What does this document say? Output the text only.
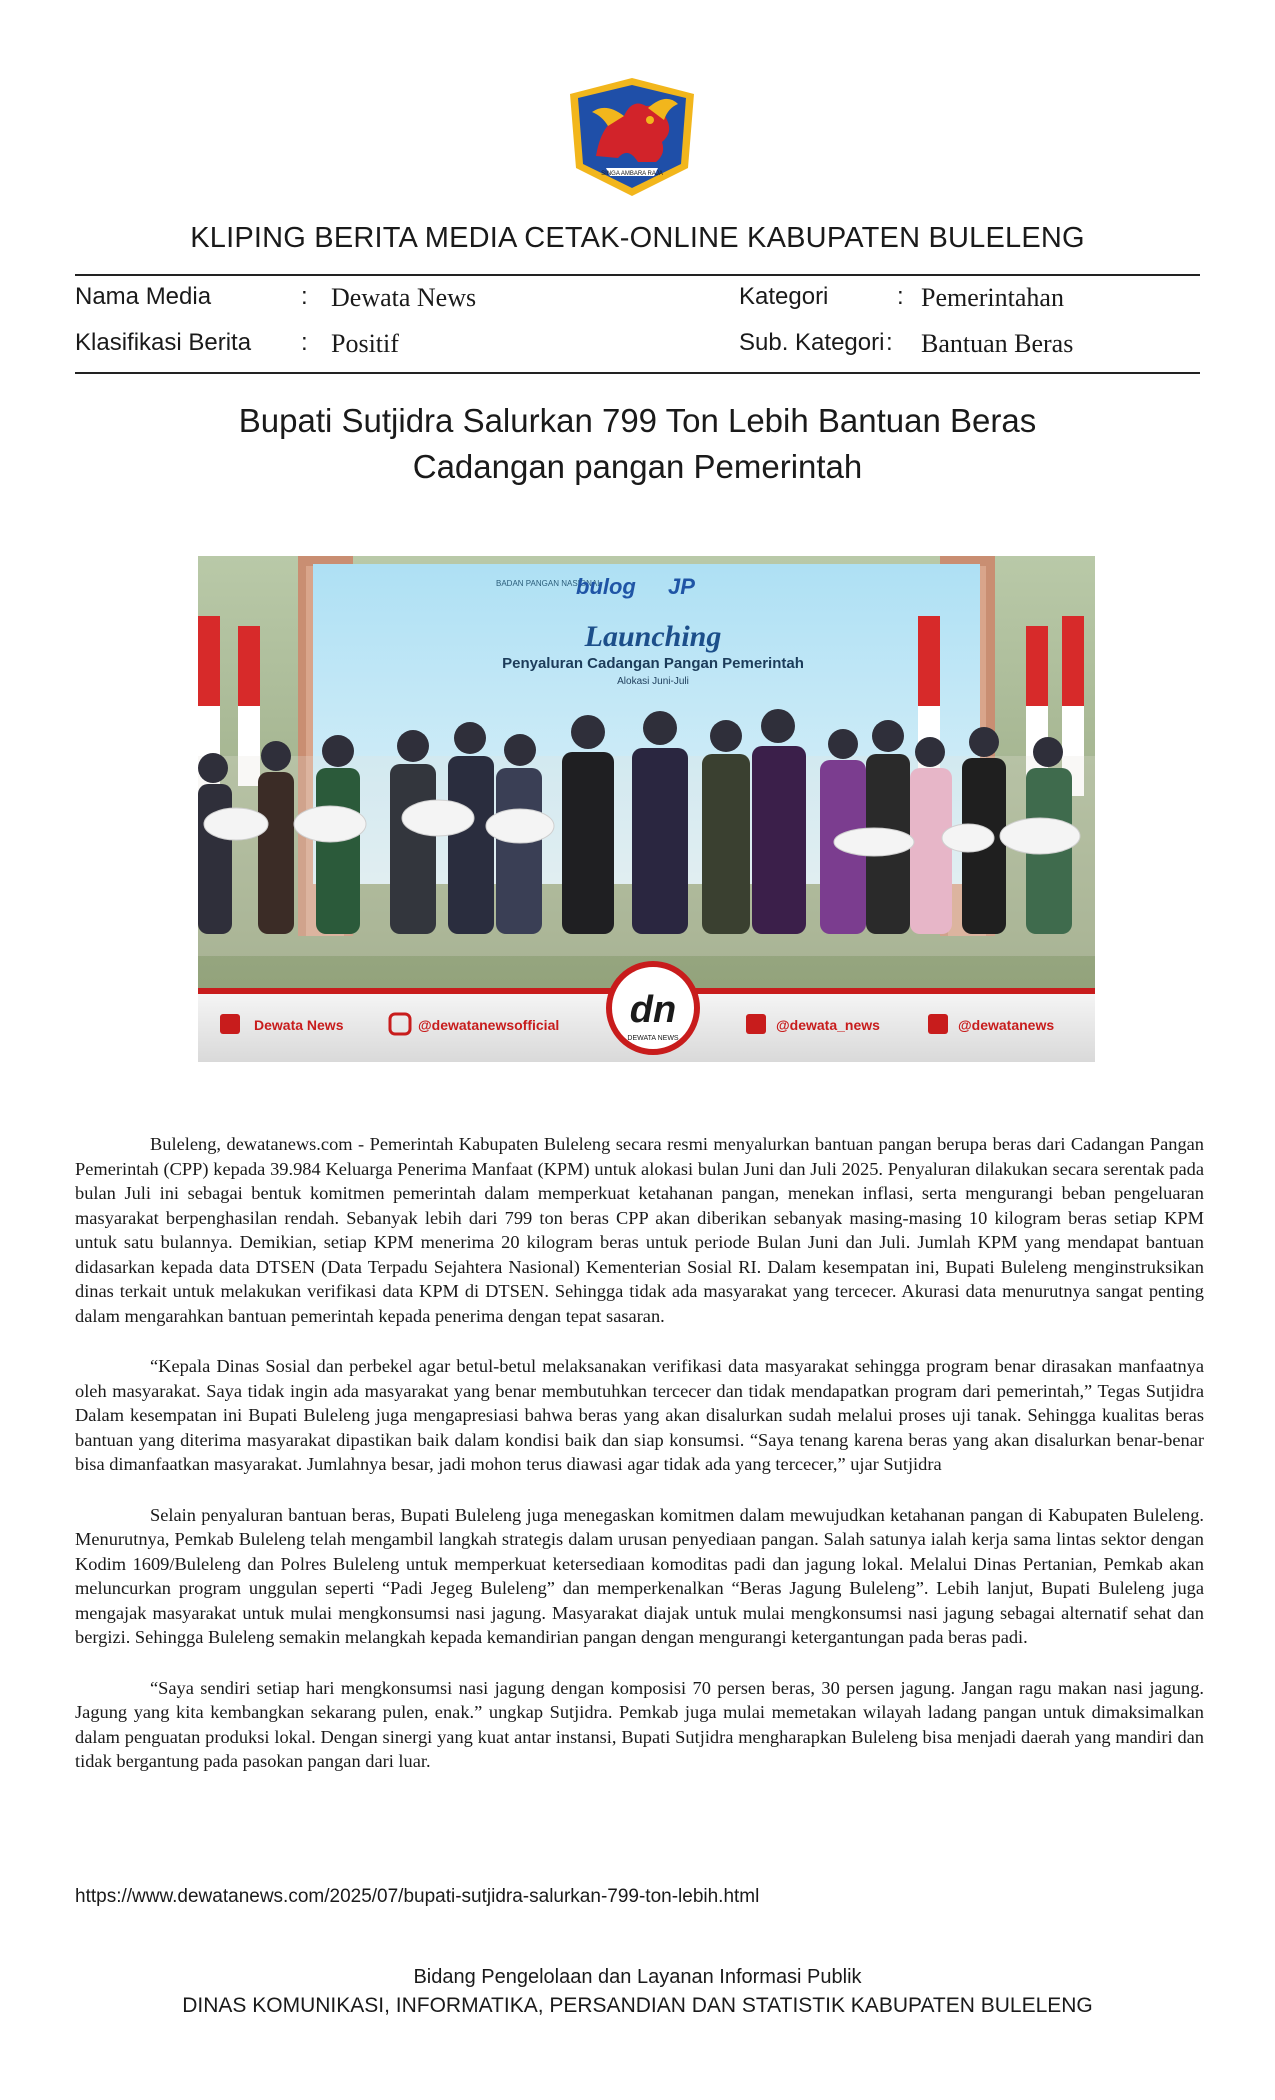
SINGA AMBARA RAJA
KLIPING BERITA MEDIA CETAK-ONLINE KABUPATEN BULELENG
Nama Media	: Dewata News	Kategori	: Pemerintahan
Klasifikasi Berita : Positif	Sub. Kategori : Bantuan Beras
Bupati Sutjidra Salurkan 799 Ton Lebih Bantuan Beras
Cadangan pangan Pemerintah
BADAN PANGAN NASIONAL
bulog JP
Launching
Penyaluran Cadangan Pangan Pemerintah
Alokasi Juni-Juli
Dewata News	@dewatanewsofficial dn
DEWATA NEWS
@dewata_news	@dewatanews

Buleleng, dewatanews.com - Pemerintah Kabupaten Buleleng secara resmi menyalurkan bantuan pangan berupa beras dari Cadangan Pangan Pemerintah (CPP) kepada 39.984 Keluarga Penerima Manfaat (KPM) untuk alokasi bulan Juni dan Juli 2025. Penyaluran dilakukan secara serentak pada bulan Juli ini sebagai bentuk komitmen pemerintah dalam memperkuat ketahanan pangan, menekan inflasi, serta mengurangi beban pengeluaran masyarakat berpenghasilan rendah. Sebanyak lebih dari 799 ton beras CPP akan diberikan sebanyak masing-masing 10 kilogram beras setiap KPM untuk satu bulannya. Demikian, setiap KPM menerima 20 kilogram beras untuk periode Bulan Juni dan Juli. Jumlah KPM yang mendapat bantuan didasarkan kepada data DTSEN (Data Terpadu Sejahtera Nasional) Kementerian Sosial RI. Dalam kesempatan ini, Bupati Buleleng menginstruksikan dinas terkait untuk melakukan verifikasi data KPM di DTSEN. Sehingga tidak ada masyarakat yang tercecer. Akurasi data menurutnya sangat penting dalam mengarahkan bantuan pemerintah kepada penerima dengan tepat sasaran.

“Kepala Dinas Sosial dan perbekel agar betul-betul melaksanakan verifikasi data masyarakat sehingga program benar dirasakan manfaatnya oleh masyarakat. Saya tidak ingin ada masyarakat yang benar membutuhkan tercecer dan tidak mendapatkan program dari pemerintah,” Tegas Sutjidra Dalam kesempatan ini Bupati Buleleng juga mengapresiasi bahwa beras yang akan disalurkan sudah melalui proses uji tanak. Sehingga kualitas beras bantuan yang diterima masyarakat dipastikan baik dalam kondisi baik dan siap konsumsi. “Saya tenang karena beras yang akan disalurkan benar-benar bisa dimanfaatkan masyarakat. Jumlahnya besar, jadi mohon terus diawasi agar tidak ada yang tercecer,” ujar Sutjidra

Selain penyaluran bantuan beras, Bupati Buleleng juga menegaskan komitmen dalam mewujudkan ketahanan pangan di Kabupaten Buleleng. Menurutnya, Pemkab Buleleng telah mengambil langkah strategis dalam urusan penyediaan pangan. Salah satunya ialah kerja sama lintas sektor dengan Kodim 1609/Buleleng dan Polres Buleleng untuk memperkuat ketersediaan komoditas padi dan jagung lokal. Melalui Dinas Pertanian, Pemkab akan meluncurkan program unggulan seperti “Padi Jegeg Buleleng” dan memperkenalkan “Beras Jagung Buleleng”. Lebih lanjut, Bupati Buleleng juga mengajak masyarakat untuk mulai mengkonsumsi nasi jagung. Masyarakat diajak untuk mulai mengkonsumsi nasi jagung sebagai alternatif sehat dan bergizi. Sehingga Buleleng semakin melangkah kepada kemandirian pangan dengan mengurangi ketergantungan pada beras padi.

“Saya sendiri setiap hari mengkonsumsi nasi jagung dengan komposisi 70 persen beras, 30 persen jagung. Jangan ragu makan nasi jagung. Jagung yang kita kembangkan sekarang pulen, enak.” ungkap Sutjidra. Pemkab juga mulai memetakan wilayah ladang pangan untuk dimaksimalkan dalam penguatan produksi lokal. Dengan sinergi yang kuat antar instansi, Bupati Sutjidra mengharapkan Buleleng bisa menjadi daerah yang mandiri dan tidak bergantung pada pasokan pangan dari luar.

https://www.dewatanews.com/2025/07/bupati-sutjidra-salurkan-799-ton-lebih.html
Bidang Pengelolaan dan Layanan Informasi Publik
DINAS KOMUNIKASI, INFORMATIKA, PERSANDIAN DAN STATISTIK KABUPATEN BULELENG
